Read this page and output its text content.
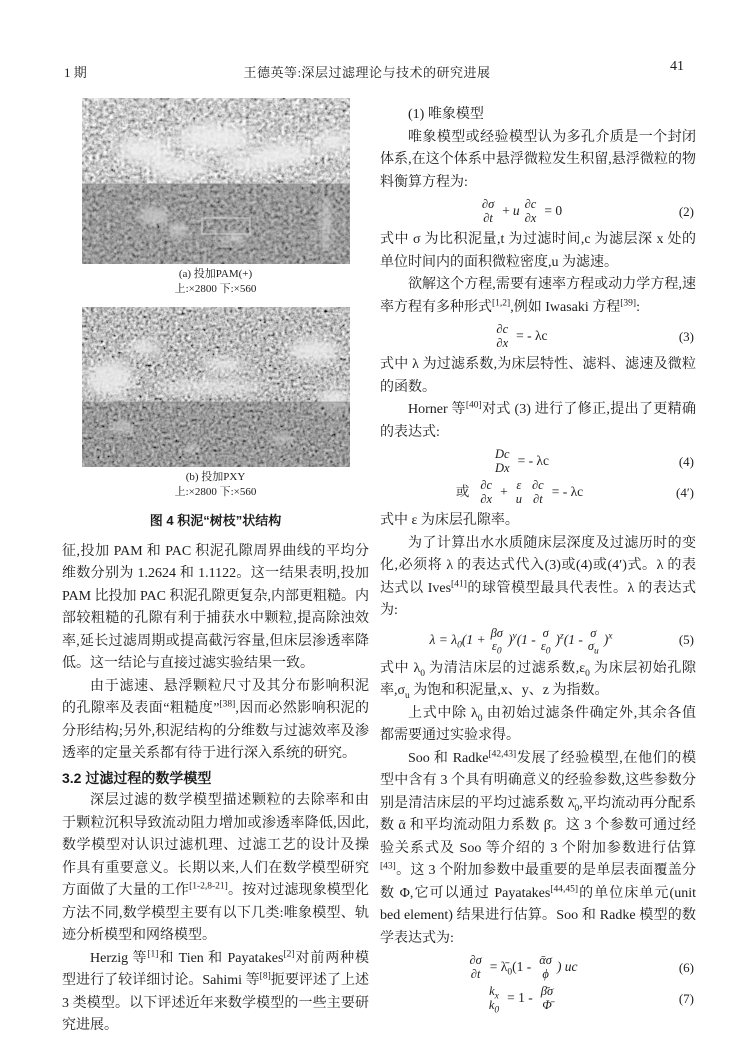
1 期	王德英等:深层过滤理论与技术的研究进展	41
(a) 投加PAM(+)
上:×2800 下:×560
(b) 投加PXY
上:×2800 下:×560
图 4 积泥“树枝”状结构

征,投加 PAM 和 PAC 积泥孔隙周界曲线的平均分维数分别为 1.2624 和 1.1122。这一结果表明,投加 PAM 比投加 PAC 积泥孔隙更复杂,内部更粗糙。内部较粗糙的孔隙有利于捕获水中颗粒,提高除浊效率,延长过滤周期或提高截污容量,但床层渗透率降低。这一结论与直接过滤实验结果一致。

由于滤速、悬浮颗粒尺寸及其分布影响积泥的孔隙率及表面“粗糙度”[38],因而必然影响积泥的分形结构;另外,积泥结构的分维数与过滤效率及渗透率的定量关系都有待于进行深入系统的研究。

3.2 过滤过程的数学模型

深层过滤的数学模型描述颗粒的去除率和由于颗粒沉积导致流动阻力增加或渗透率降低,因此,数学模型对认识过滤机理、过滤工艺的设计及操作具有重要意义。长期以来,人们在数学模型研究方面做了大量的工作[1-2,8-21]。按对过滤现象模型化方法不同,数学模型主要有以下几类:唯象模型、轨迹分析模型和网络模型。

Herzig 等[1]和 Tien 和 Payatakes[2]对前两种模型进行了较详细讨论。Sahimi 等[8]扼要评述了上述 3 类模型。以下评述近年来数学模型的一些主要研究进展。

(1) 唯象模型

唯象模型或经验模型认为多孔介质是一个封闭体系,在这个体系中悬浮微粒发生积留,悬浮微粒的物料衡算方程为:

∂σ
∂t + u ∂c
∂x = 0	(2)

式中 σ 为比积泥量,t 为过滤时间,c 为滤层深 x 处的单位时间内的面积微粒密度,u 为滤速。

欲解这个方程,需要有速率方程或动力学方程,速率方程有多种形式[1,2],例如 Iwasaki 方程[39]:

∂c
∂x = - λc	(3)

式中 λ 为过滤系数,为床层特性、滤料、滤速及微粒的函数。

Horner 等[40]对式 (3) 进行了修正,提出了更精确的表达式:

Dc
Dx = - λc	(4)
或 ∂c
∂x + ε
u
∂c
∂t = - λc	(4′)

式中 ε 为床层孔隙率。

为了计算出水水质随床层深度及过滤历时的变化,必须将 λ 的表达式代入(3)或(4)或(4′)式。λ 的表达式以 Ives[41]的球管模型最具代表性。λ 的表达式为:

$\lambda = \lambda_0(1 + \beta\sigma$
$\varepsilon_0$
)$^y$(1 - σ
$\varepsilon_0$
)$^z$(1 - σ
$\sigma_u$
)$^x$	(5)

式中 $\lambda_0$ 为清洁床层的过滤系数$,\varepsilon_0$ 为床层初始孔隙率$,\sigma_u$ 为饱和积泥量,x、y、z 为指数。

上式中除 $\lambda_0$ 由初始过滤条件确定外,其余各值都需要通过实验求得。

Soo 和 Radke[42,43]发展了经验模型,在他们的模型中含有 3 个具有明确意义的经验参数,这些参数分别是清洁床层的平均过滤系数 $\lambdā_0$,平均流动再分配系数 ᾱ 和平均流动阻力系数 β̄。这 3 个参数可通过经验关系式及 Soo 等介绍的 3 个附加参数进行估算[43]。这 3 个附加参数中最重要的是单层表面覆盖分数 Φ,它可以通过 Payatakes[44,45]的单位床单元(unit bed element) 结果进行估算。Soo 和 Radke 模型的数学表达式为:

∂σ
$\partial t = \lambdā_0(1$ - ᾱσ
ϕ ) uc	(6)
$k_x$
$k_0$
= 1 - β̄σ
Φ̄	(7)
